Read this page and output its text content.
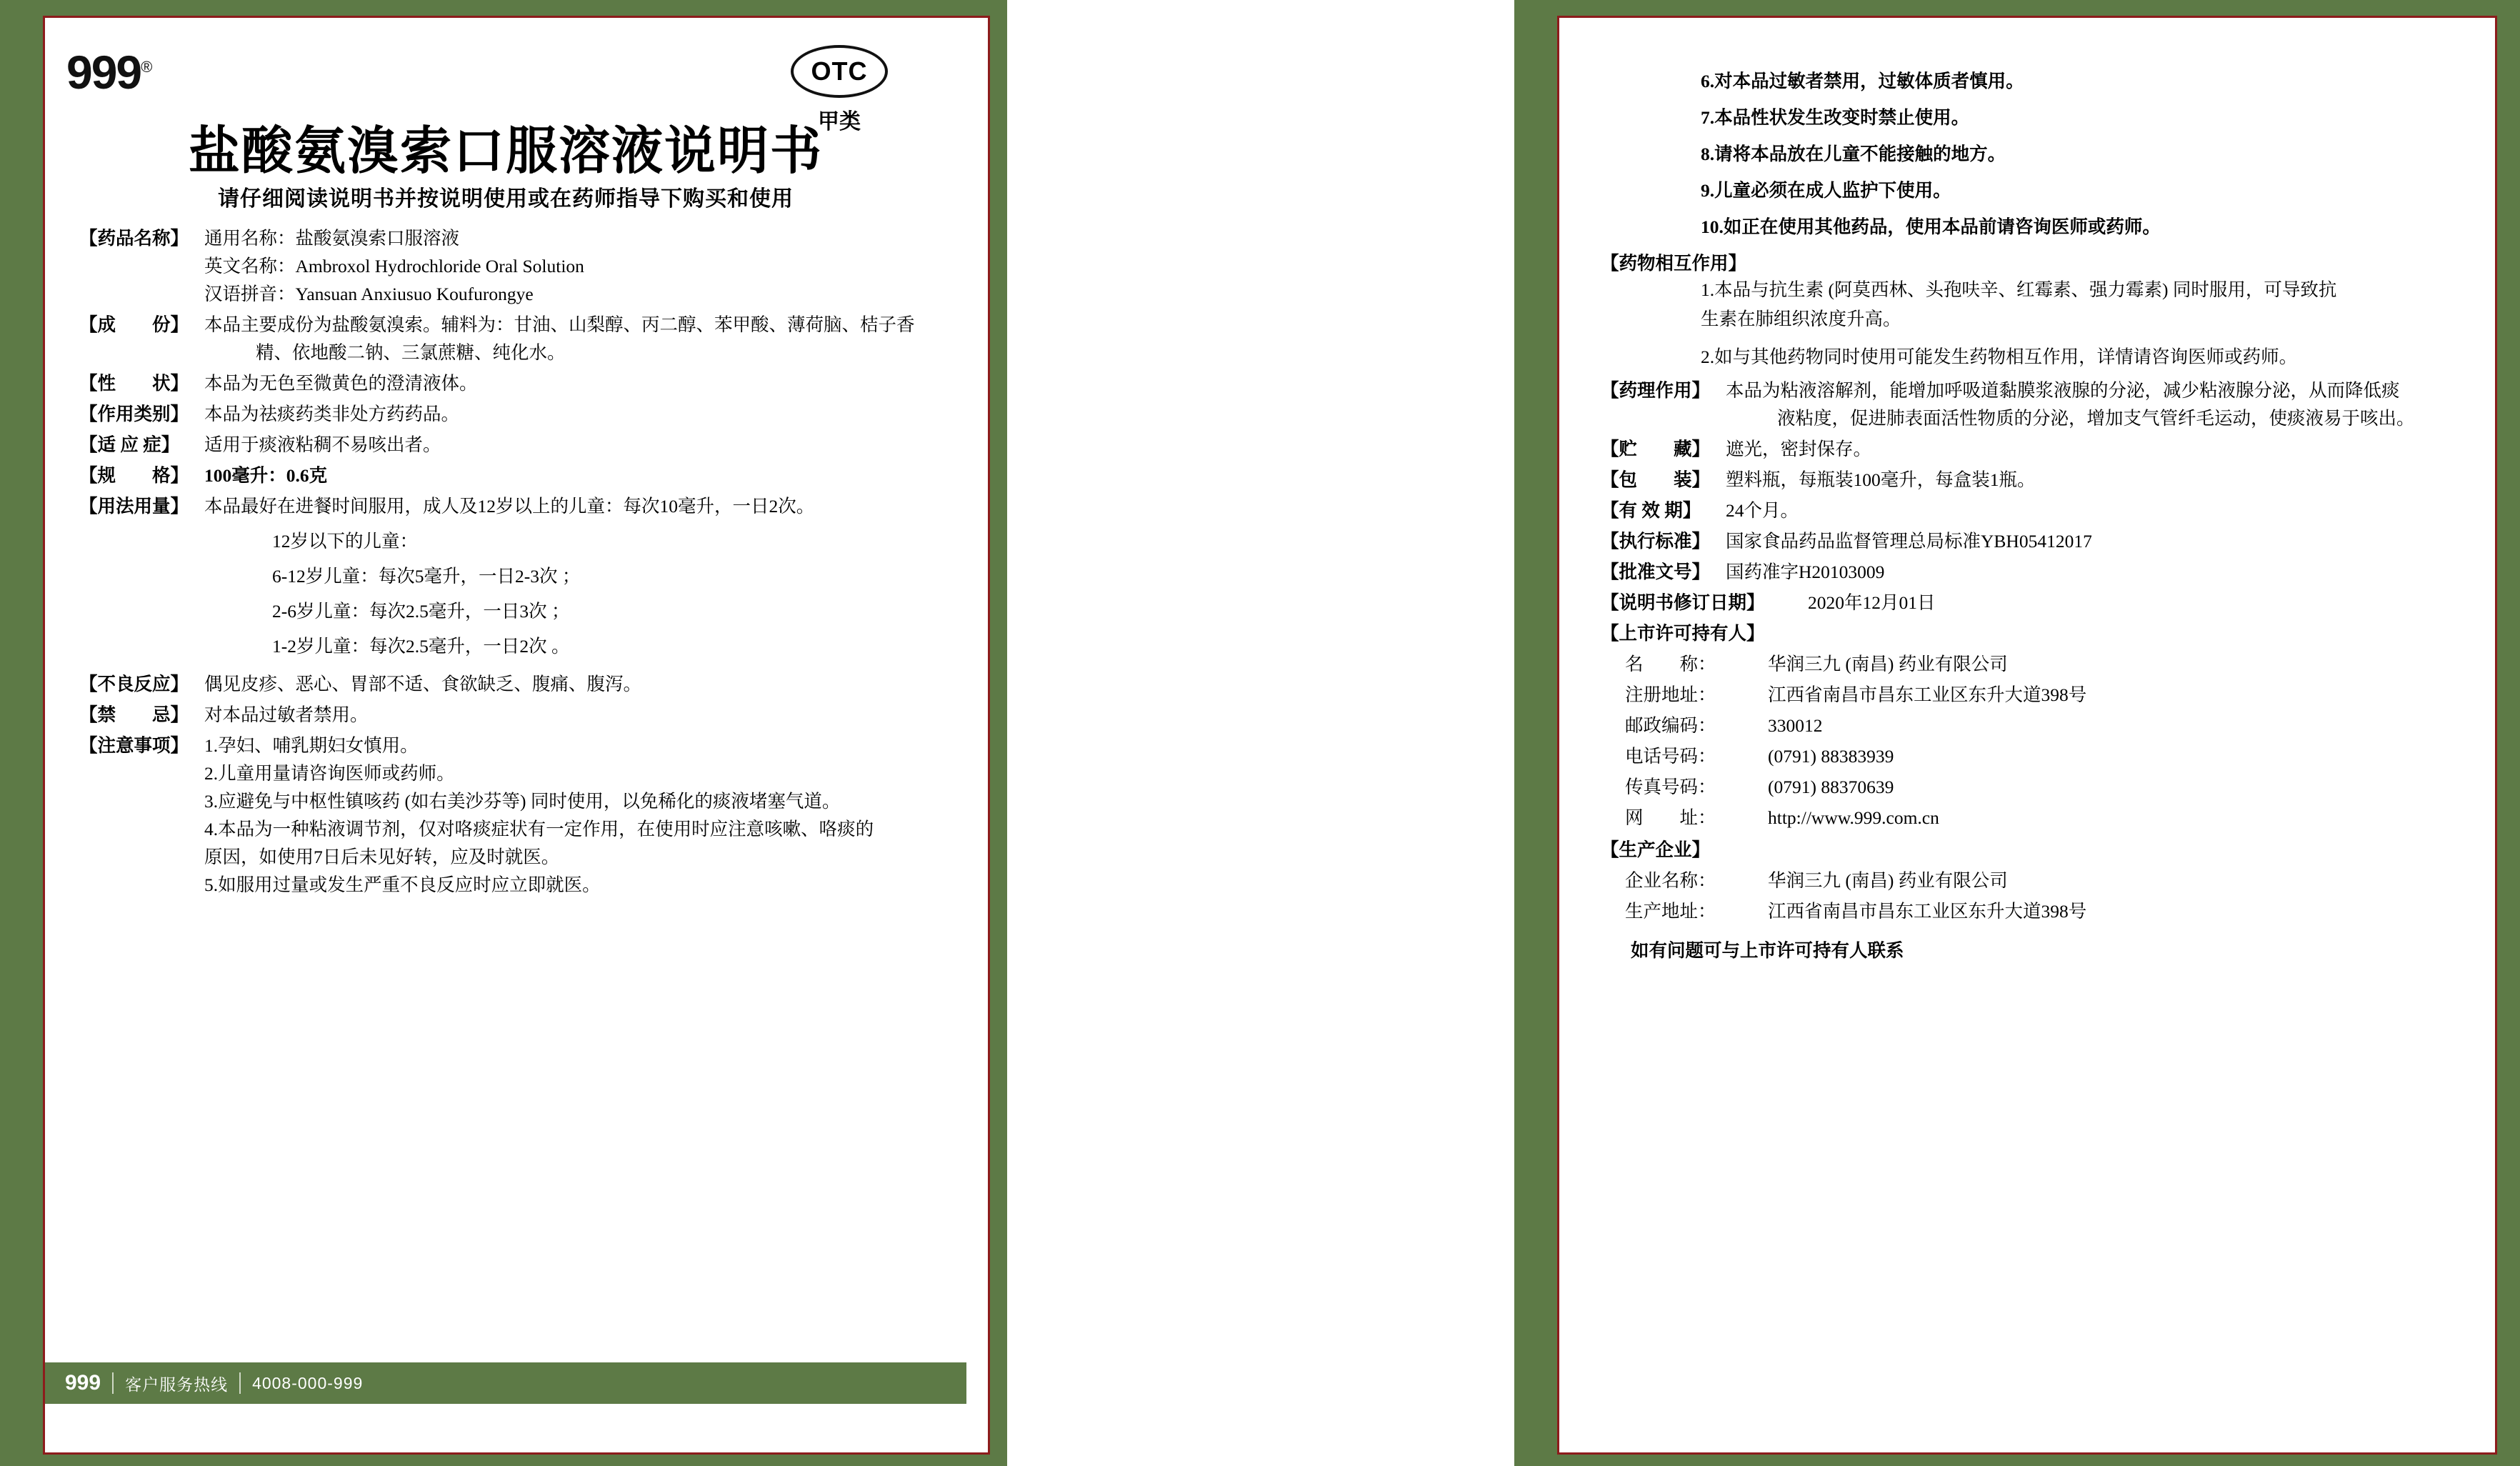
999®	OTC
甲类
盐酸氨溴索口服溶液说明书
请仔细阅读说明书并按说明使用或在药师指导下购买和使用
【药品名称】 通用名称：盐酸氨溴索口服溶液

英文名称：Ambroxol Hydrochloride Oral Solution

汉语拼音：Yansuan Anxiusuo Koufurongye

【成　　份】 本品主要成份为盐酸氨溴索。辅料为：甘油、山梨醇、丙二醇、苯甲酸、薄荷脑、桔子香

精、依地酸二钠、三氯蔗糖、纯化水。

【性　　状】 本品为无色至微黄色的澄清液体。

【作用类别】 本品为祛痰药类非处方药药品。

【适 应 症】	适用于痰液粘稠不易咳出者。

【规　　格】 100毫升：0.6克

【用法用量】 本品最好在进餐时间服用，成人及12岁以上的儿童：每次10毫升，一日2次。

12岁以下的儿童：

6-12岁儿童：每次5毫升，一日2-3次 ；

2-6岁儿童：每次2.5毫升，一日3次 ；

1-2岁儿童：每次2.5毫升，一日2次 。

【不良反应】 偶见皮疹、恶心、胃部不适、食欲缺乏、腹痛、腹泻。

【禁　　忌】 对本品过敏者禁用。

【注意事项】 1.孕妇、哺乳期妇女慎用。

2.儿童用量请咨询医师或药师。

3.应避免与中枢性镇咳药 (如右美沙芬等) 同时使用，以免稀化的痰液堵塞气道。

4.本品为一种粘液调节剂，仅对咯痰症状有一定作用，在使用时应注意咳嗽、咯痰的

原因，如使用7日后未见好转，应及时就医。

5.如服用过量或发生严重不良反应时应立即就医。

999 客户服务热线 4008-000-999
6.对本品过敏者禁用，过敏体质者慎用。
7.本品性状发生改变时禁止使用。
8.请将本品放在儿童不能接触的地方。
9.儿童必须在成人监护下使用。
10.如正在使用其他药品，使用本品前请咨询医师或药师。
【药物相互作用】

1.本品与抗生素 (阿莫西林、头孢呋辛、红霉素、强力霉素) 同时服用，可导致抗

生素在肺组织浓度升高。

2.如与其他药物同时使用可能发生药物相互作用，详情请咨询医师或药师。

【药理作用】 本品为粘液溶解剂，能增加呼吸道黏膜浆液腺的分泌，减少粘液腺分泌，从而降低痰

液粘度，促进肺表面活性物质的分泌，增加支气管纤毛运动，使痰液易于咳出。

【贮　　藏】 遮光，密封保存。

【包　　装】 塑料瓶，每瓶装100毫升，每盒装1瓶。

【有 效 期】	24个月。

【执行标准】 国家食品药品监督管理总局标准YBH05412017

【批准文号】 国药准字H20103009

【说明书修订日期】	2020年12月01日

【上市许可持有人】
名　　称：	华润三九 (南昌) 药业有限公司
注册地址：	江西省南昌市昌东工业区东升大道398号
邮政编码：	330012
电话号码：	(0791) 88383939
传真号码：	(0791) 88370639
网　　址：	http://www.999.com.cn
【生产企业】
企业名称：	华润三九 (南昌) 药业有限公司
生产地址：	江西省南昌市昌东工业区东升大道398号
如有问题可与上市许可持有人联系
